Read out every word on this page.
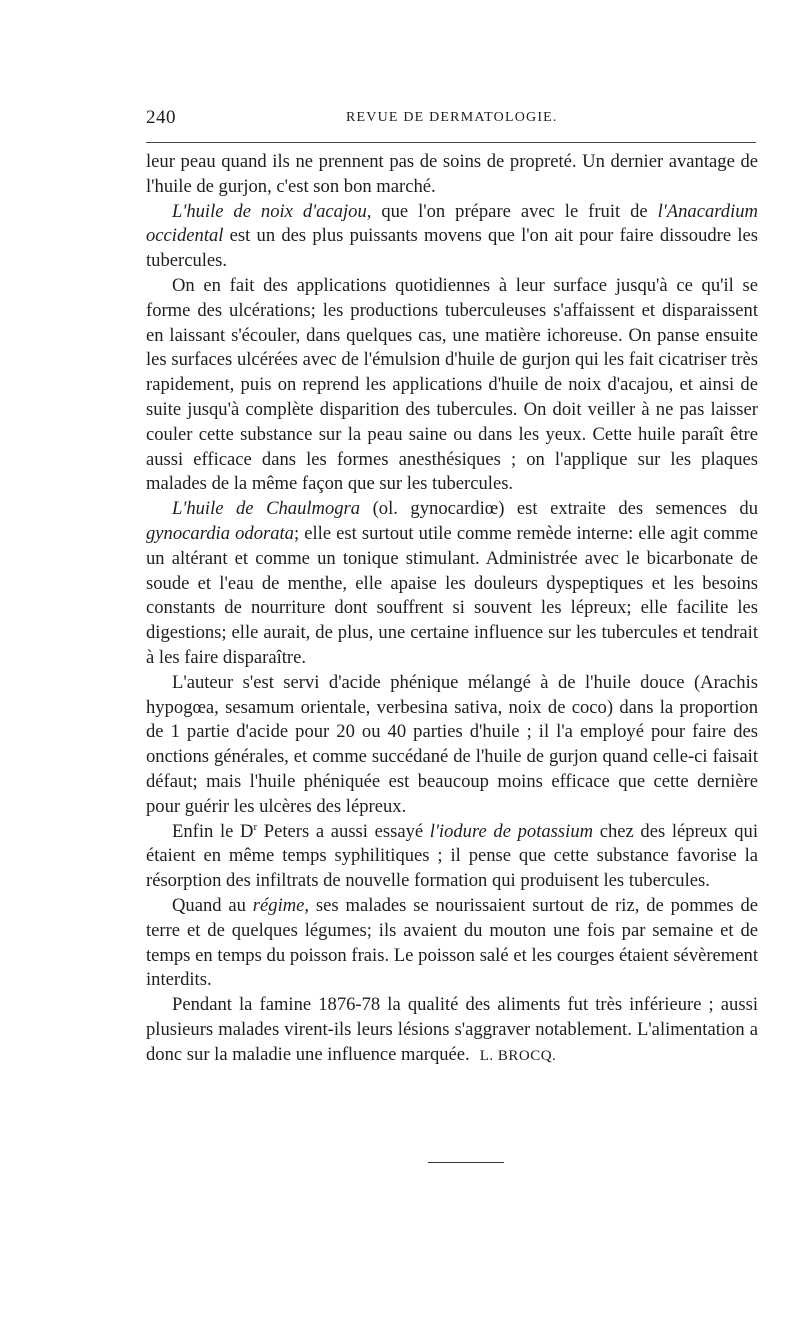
240	REVUE DE DERMATOLOGIE.

leur peau quand ils ne prennent pas de soins de propreté. Un dernier avantage de l'huile de gurjon, c'est son bon marché.

L'huile de noix d'acajou, que l'on prépare avec le fruit de l'Anacardium occidental est un des plus puissants movens que l'on ait pour faire dissoudre les tubercules.

On en fait des applications quotidiennes à leur surface jusqu'à ce qu'il se forme des ulcérations; les productions tuberculeuses s'affaissent et disparaissent en laissant s'écouler, dans quelques cas, une matière ichoreuse. On panse ensuite les surfaces ulcérées avec de l'émulsion d'huile de gurjon qui les fait cicatriser très rapidement, puis on reprend les applications d'huile de noix d'acajou, et ainsi de suite jusqu'à complète disparition des tubercules. On doit veiller à ne pas laisser couler cette substance sur la peau saine ou dans les yeux. Cette huile paraît être aussi efficace dans les formes anesthésiques ; on l'applique sur les plaques malades de la même façon que sur les tubercules.

L'huile de Chaulmogra (ol. gynocardiœ) est extraite des semences du gynocardia odorata; elle est surtout utile comme remède interne: elle agit comme un altérant et comme un tonique stimulant. Administrée avec le bicarbonate de soude et l'eau de menthe, elle apaise les douleurs dyspeptiques et les besoins constants de nourriture dont souffrent si souvent les lépreux; elle facilite les digestions; elle aurait, de plus, une certaine influence sur les tubercules et tendrait à les faire disparaître.

L'auteur s'est servi d'acide phénique mélangé à de l'huile douce (Arachis hypogœa, sesamum orientale, verbesina sativa, noix de coco) dans la proportion de 1 partie d'acide pour 20 ou 40 parties d'huile ; il l'a employé pour faire des onctions générales, et comme succédané de l'huile de gurjon quand celle-ci faisait défaut; mais l'huile phéniquée est beaucoup moins efficace que cette dernière pour guérir les ulcères des lépreux.

Enfin le $D^r$ Peters a aussi essayé l'iodure de potassium chez des lépreux qui étaient en même temps syphilitiques ; il pense que cette substance favorise la résorption des infiltrats de nouvelle formation qui produisent les tubercules.

Quand au régime, ses malades se nourissaient surtout de riz, de pommes de terre et de quelques légumes; ils avaient du mouton une fois par semaine et de temps en temps du poisson frais. Le poisson salé et les courges étaient sévèrement interdits.

Pendant la famine 1876-78 la qualité des aliments fut très inférieure ; aussi plusieurs malades virent-ils leurs lésions s'aggraver notablement. L'alimentation a donc sur la maladie une influence marquée. L. BROCQ.
